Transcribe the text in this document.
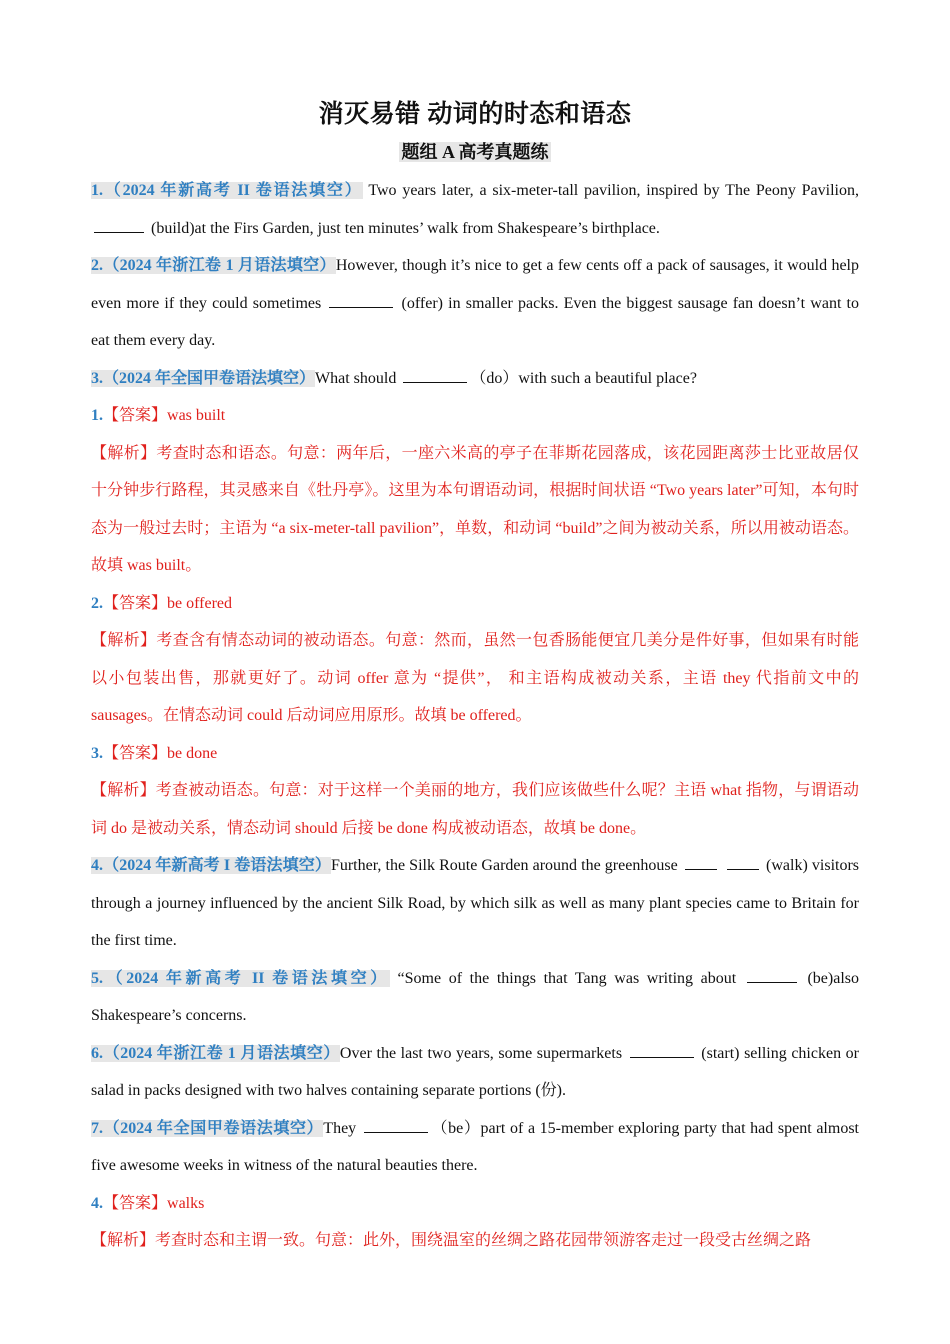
消灭易错 动词的时态和语态
题组 A 高考真题练

1.（2024 年新高考 II 卷语法填空） Two years later, a six-meter-tall pavilion, inspired by The Peony Pavilion,  (build)at the Firs Garden, just ten minutes’ walk from Shakespeare’s birthplace.

2.（2024 年浙江卷 1 月语法填空）However, though it’s nice to get a few cents off a pack of sausages, it would help even more if they could sometimes	(offer) in smaller packs. Even the biggest sausage fan doesn’t want to eat them every day.

3.（2024 年全国甲卷语法填空）What should	（do）with such a beautiful place?

1.【答案】was built

【解析】考查时态和语态。句意：两年后，一座六米高的亭子在菲斯花园落成，该花园距离莎士比亚故居仅十分钟步行路程，其灵感来自《牡丹亭》。这里为本句谓语动词，根据时间状语 “Two years later”可知，本句时态为一般过去时；主语为 “a six-meter-tall pavilion”，单数，和动词 “build”之间为被动关系，所以用被动语态。故填 was built。

2.【答案】be offered

【解析】考查含有情态动词的被动语态。句意：然而，虽然一包香肠能便宜几美分是件好事，但如果有时能以小包装出售，那就更好了。动词 offer 意为 “提供”， 和主语构成被动关系，主语 they 代指前文中的 sausages。在情态动词 could 后动词应用原形。故填 be offered。

3.【答案】be done

【解析】考查被动语态。句意：对于这样一个美丽的地方，我们应该做些什么呢？主语 what 指物，与谓语动词 do 是被动关系，情态动词 should 后接 be done 构成被动语态，故填 be done。

4.（2024 年新高考 I 卷语法填空）Further, the Silk Route Garden around the greenhouse	(walk) visitors through a journey influenced by the ancient Silk Road, by which silk as well as many plant species came to Britain for the first time.

5.（2024 年新高考 II 卷语法填空） “Some of the things that Tang was writing about	(be)also Shakespeare’s concerns.

6.（2024 年浙江卷 1 月语法填空）Over the last two years, some supermarkets	(start) selling chicken or salad in packs designed with two halves containing separate portions (份).

7.（2024 年全国甲卷语法填空）They	（be）part of a 15-member exploring party that had spent almost five awesome weeks in witness of the natural beauties there.

4.【答案】walks

【解析】考查时态和主谓一致。句意：此外，围绕温室的丝绸之路花园带领游客走过一段受古丝绸之路
